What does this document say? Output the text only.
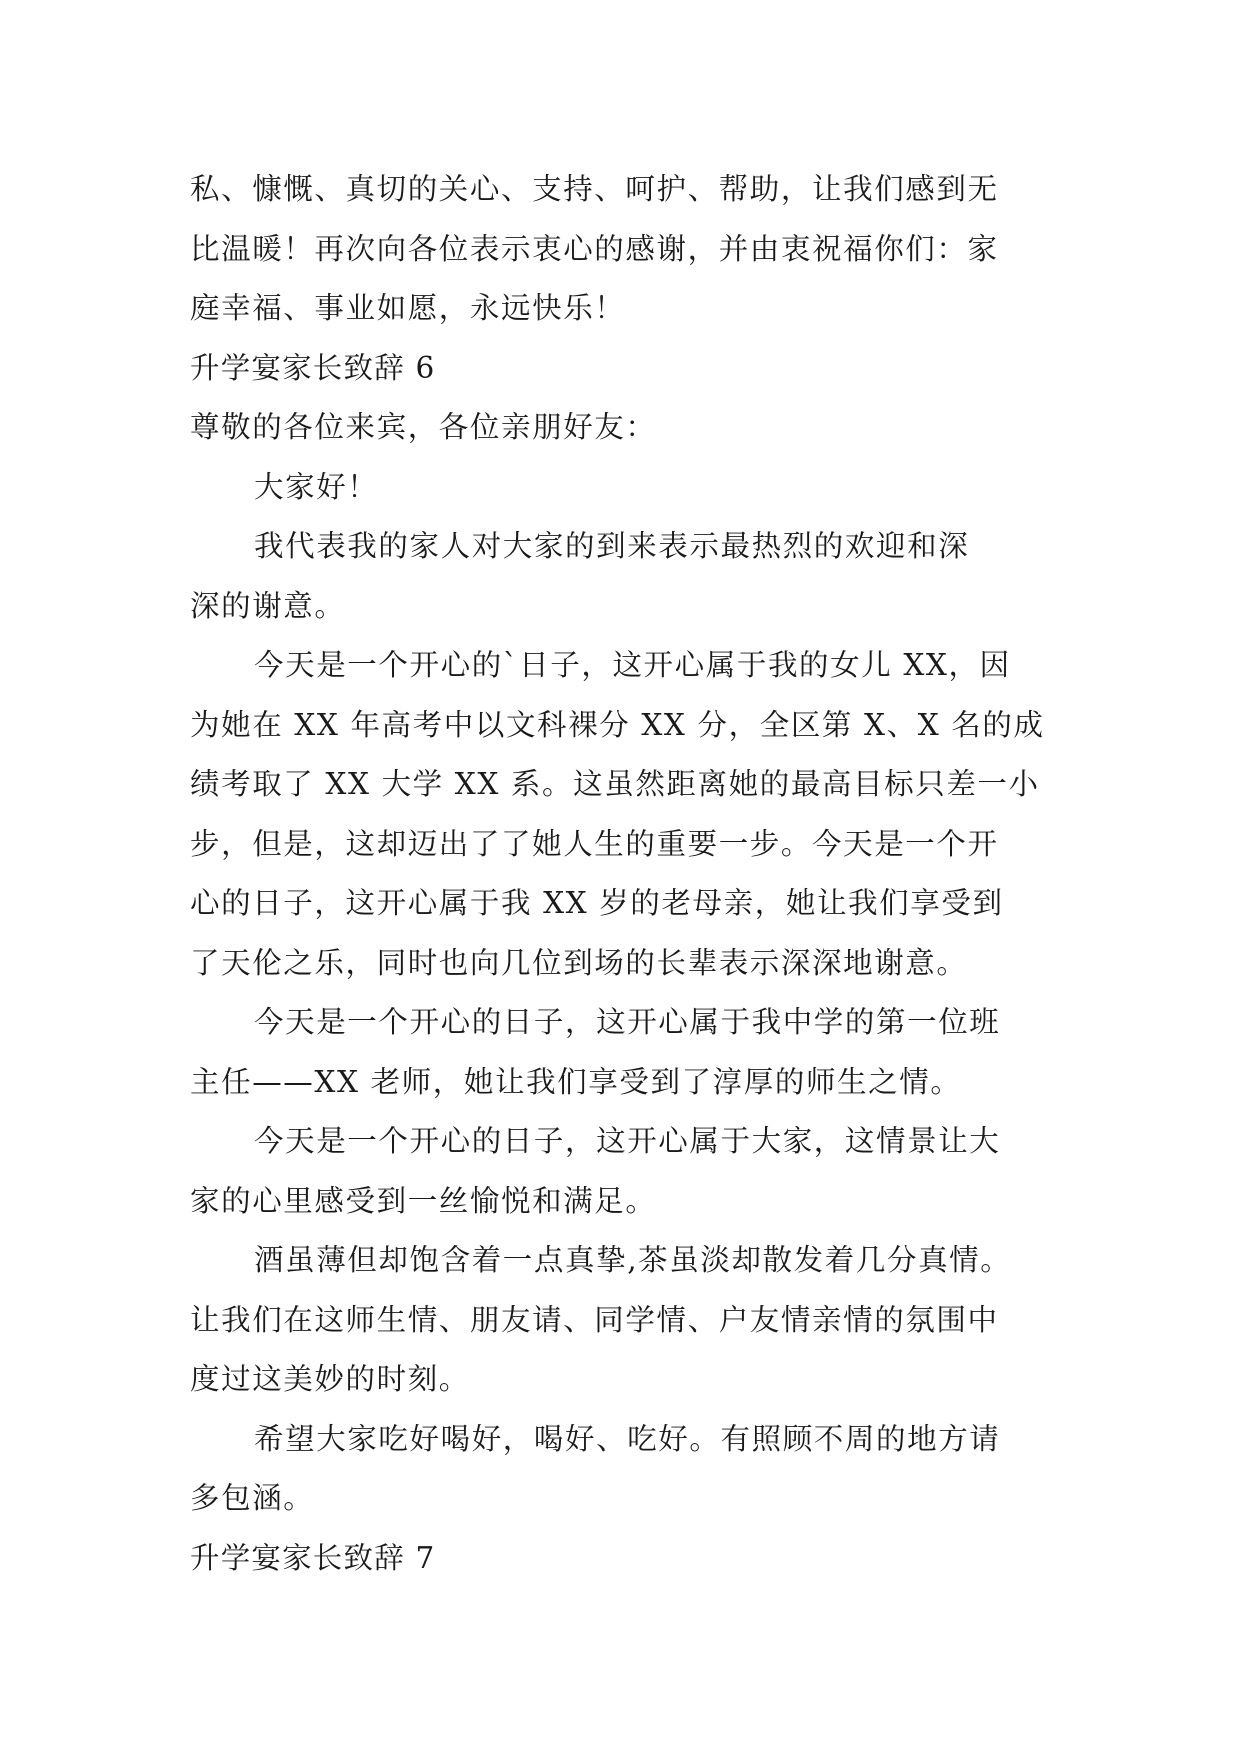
私、慷慨、真切的关心、支持、呵护、帮助，让我们感到无
比温暖！再次向各位表示衷心的感谢，并由衷祝福你们：家
庭幸福、事业如愿，永远快乐！
升学宴家长致辞 6
尊敬的各位来宾，各位亲朋好友：
大家好！
我代表我的家人对大家的到来表示最热烈的欢迎和深
深的谢意。
今天是一个开心的`日子，这开心属于我的女儿 XX，因
为她在 XX 年高考中以文科裸分 XX 分，全区第 X、X 名的成
绩考取了 XX 大学 XX 系。这虽然距离她的最高目标只差一小
步，但是，这却迈出了了她人生的重要一步。今天是一个开
心的日子，这开心属于我 XX 岁的老母亲，她让我们享受到
了天伦之乐，同时也向几位到场的长辈表示深深地谢意。
今天是一个开心的日子，这开心属于我中学的第一位班
主任——XX 老师，她让我们享受到了淳厚的师生之情。
今天是一个开心的日子，这开心属于大家，这情景让大
家的心里感受到一丝愉悦和满足。
酒虽薄但却饱含着一点真挚,茶虽淡却散发着几分真情。
让我们在这师生情、朋友请、同学情、户友情亲情的氛围中
度过这美妙的时刻。
希望大家吃好喝好，喝好、吃好。有照顾不周的地方请
多包涵。
升学宴家长致辞 7
